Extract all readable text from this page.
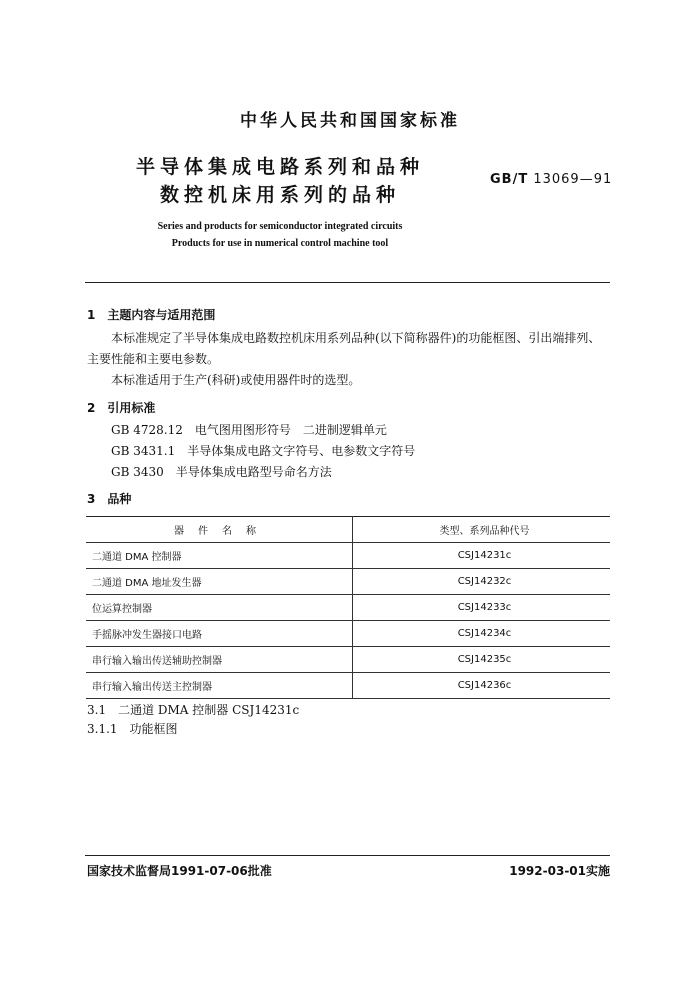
中华人民共和国国家标准
半导体集成电路系列和品种
数控机床用系列的品种
GB/T 13069—91
Series and products for semiconductor integrated circuits
Products for use in numerical control machine tool
1　主题内容与适用范围
本标准规定了半导体集成电路数控机床用系列品种(以下简称器件)的功能框图、引出端排列、主要性能和主要电参数。
本标准适用于生产(科研)或使用器件时的选型。
2　引用标准
GB 4728.12　电气图用图形符号　二进制逻辑单元
GB 3431.1　半导体集成电路文字符号、电参数文字符号
GB 3430　半导体集成电路型号命名方法
3　品种
器件名称	类型、系列品种代号
二通道 DMA 控制器	CSJ14231c
二通道 DMA 地址发生器	CSJ14232c
位运算控制器	CSJ14233c
手摇脉冲发生器接口电路	CSJ14234c
串行输入输出传送辅助控制器	CSJ14235c
串行输入输出传送主控制器	CSJ14236c
3.1　二通道 DMA 控制器 CSJ14231c
3.1.1　功能框图
国家技术监督局1991-07-06批准	1992-03-01实施
